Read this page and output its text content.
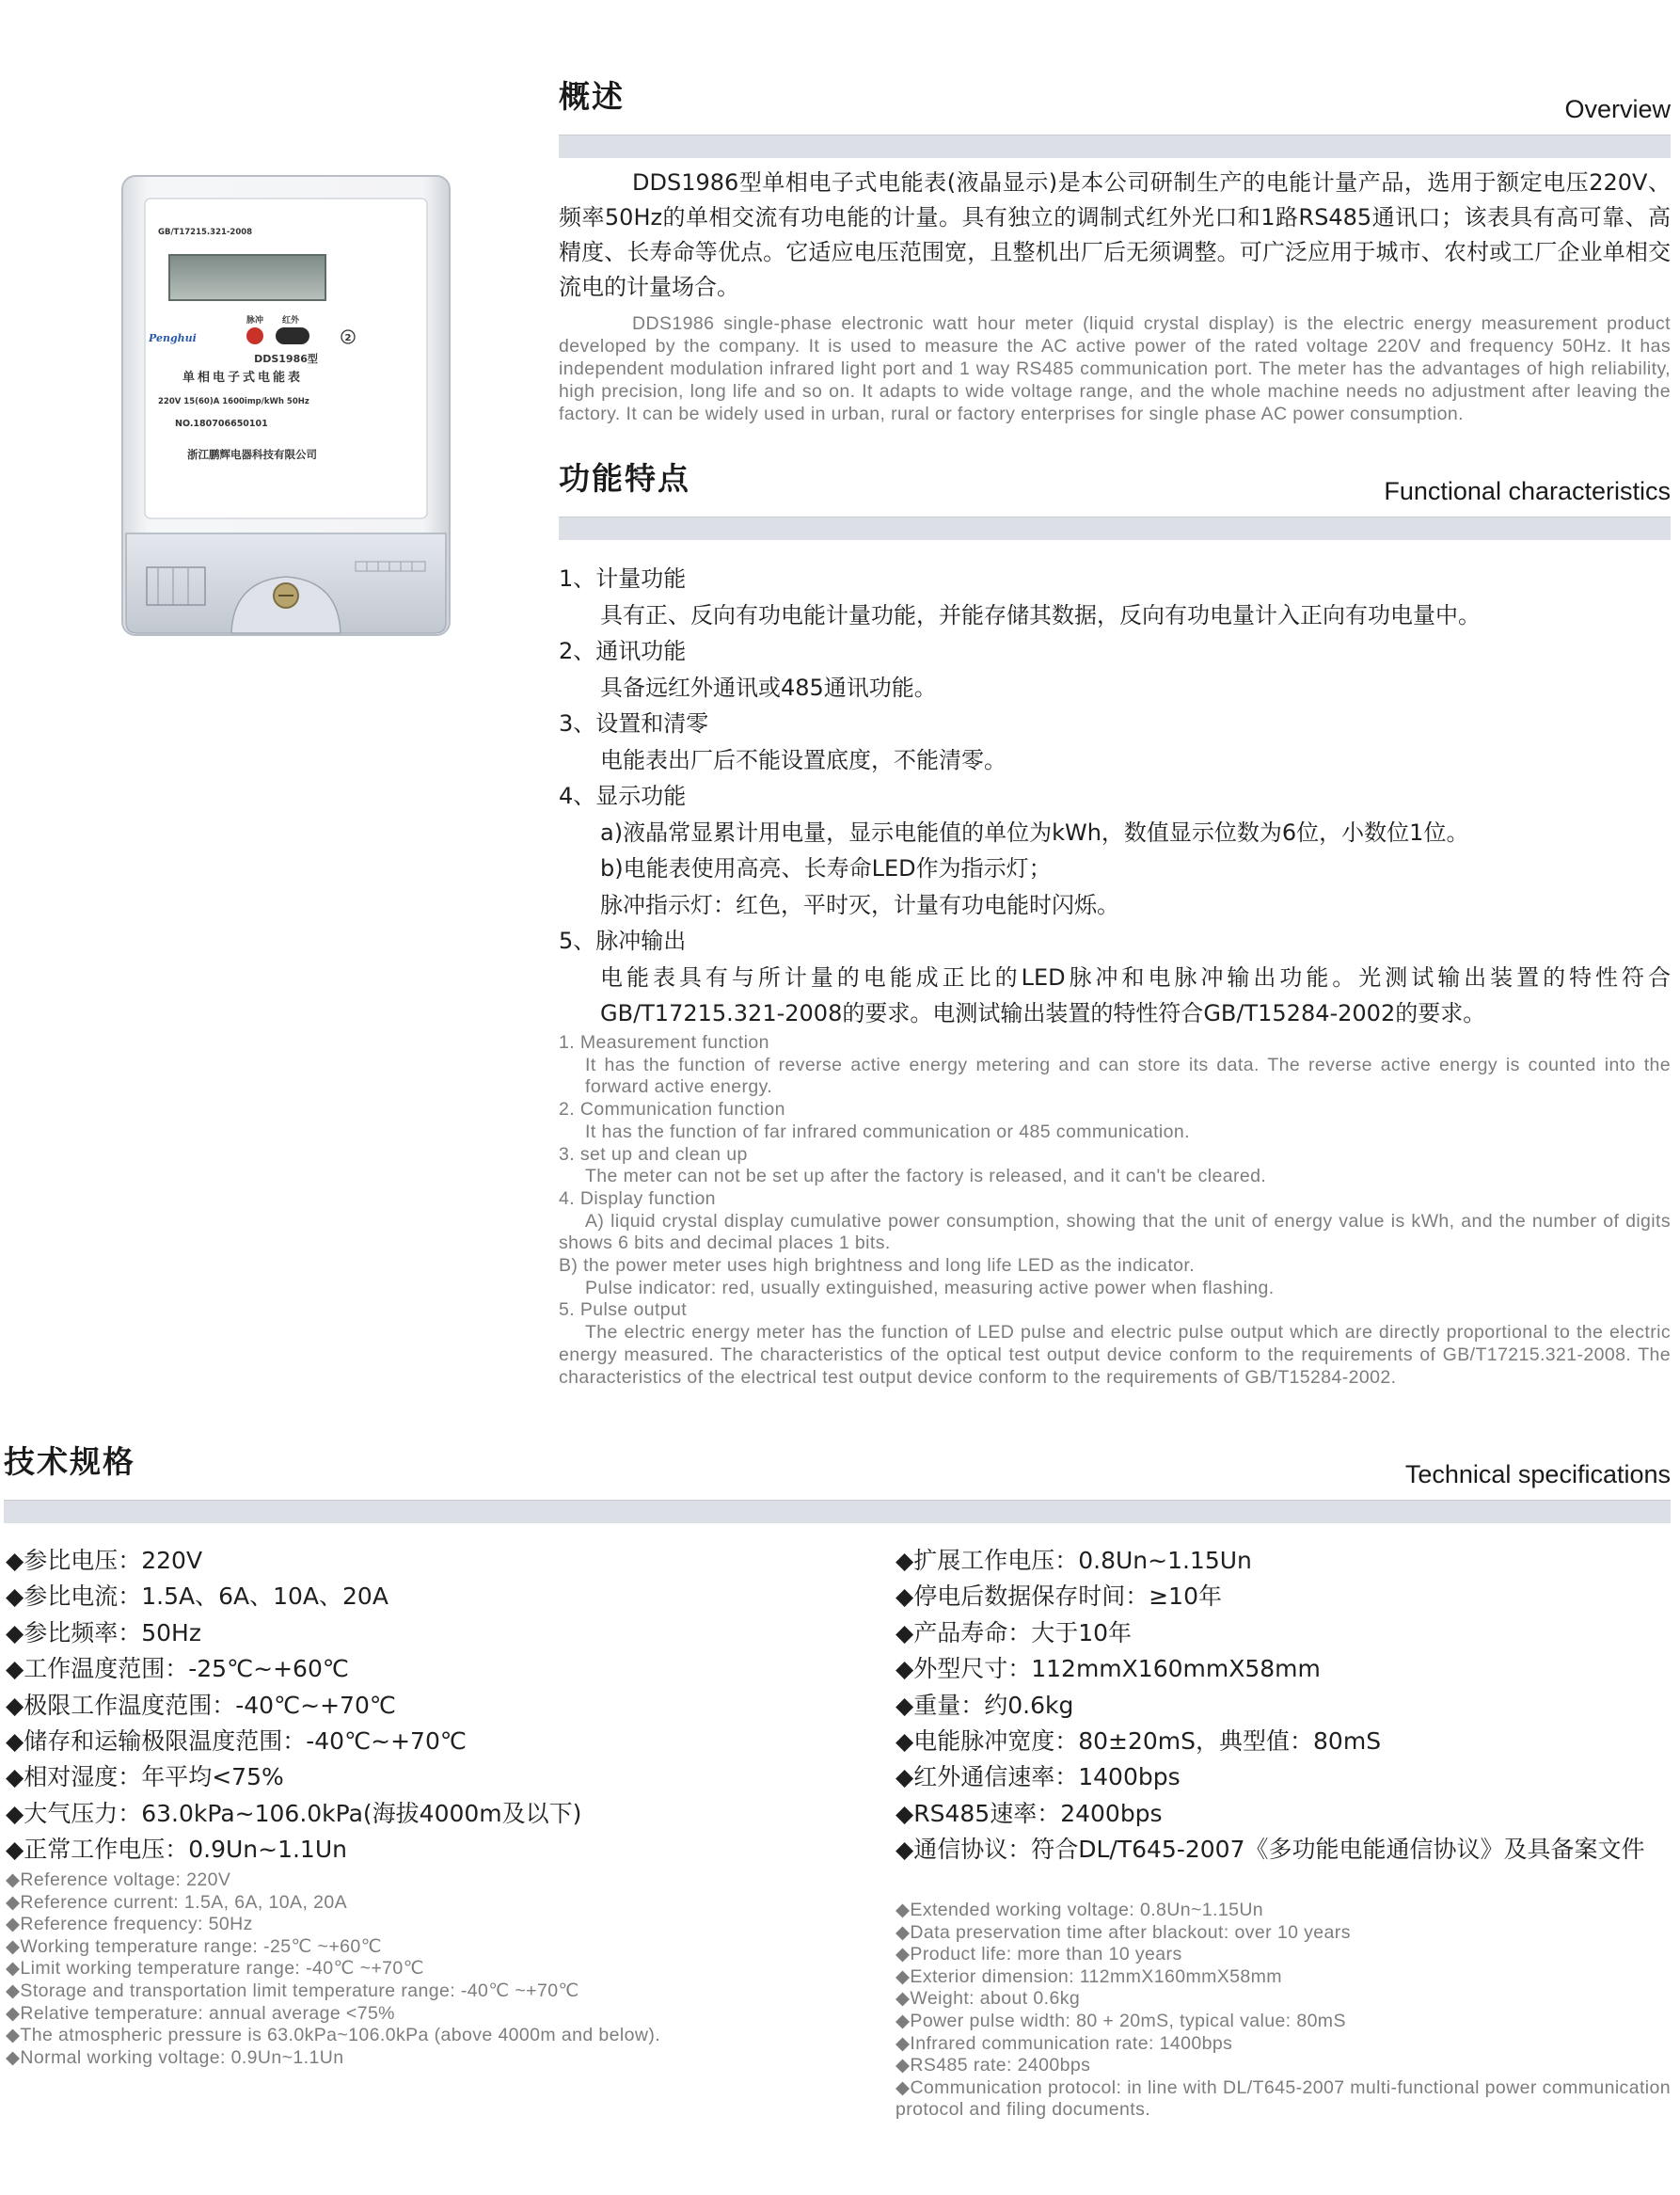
GB/T17215.321-2008
脉冲 红外
Penghui	2
DDS1986型
单相电子式电能表
220V 15(60)A 1600imp/kWh 50Hz
NO.180706650101
浙江鹏辉电器科技有限公司
概述	Overview
DDS1986型单相电子式电能表(液晶显示)是本公司研制生产的电能计量产品，选用于额定电压220V、频率50Hz的单相交流有功电能的计量。具有独立的调制式红外光口和1路RS485通讯口；该表具有高可靠、高精度、长寿命等优点。它适应电压范围宽，且整机出厂后无须调整。可广泛应用于城市、农村或工厂企业单相交流电的计量场合。
DDS1986 single-phase electronic watt hour meter (liquid crystal display) is the electric energy measurement product developed by the company. It is used to measure the AC active power of the rated voltage 220V and frequency 50Hz. It has independent modulation infrared light port and 1 way RS485 communication port. The meter has the advantages of high reliability, high precision, long life and so on. It adapts to wide voltage range, and the whole machine needs no adjustment after leaving the factory. It can be widely used in urban, rural or factory enterprises for single phase AC power consumption.
功能特点	Functional characteristics
1、计量功能
具有正、反向有功电能计量功能，并能存储其数据，反向有功电量计入正向有功电量中。
2、通讯功能
具备远红外通讯或485通讯功能。
3、设置和清零
电能表出厂后不能设置底度，不能清零。
4、显示功能
a)液晶常显累计用电量，显示电能值的单位为kWh，数值显示位数为6位，小数位1位。
b)电能表使用高亮、长寿命LED作为指示灯；
脉冲指示灯：红色，平时灭，计量有功电能时闪烁。
5、脉冲输出
电能表具有与所计量的电能成正比的LED脉冲和电脉冲输出功能。光测试输出装置的特性符合GB/T17215.321-2008的要求。电测试输出装置的特性符合GB/T15284-2002的要求。
1. Measurement function
It has the function of reverse active energy metering and can store its data. The reverse active energy is counted into the forward active energy.
2. Communication function
It has the function of far infrared communication or 485 communication.
3. set up and clean up
The meter can not be set up after the factory is released, and it can't be cleared.
4. Display function
A) liquid crystal display cumulative power consumption, showing that the unit of energy value is kWh, and the number of digits shows 6 bits and decimal places 1 bits.
B) the power meter uses high brightness and long life LED as the indicator.
Pulse indicator: red, usually extinguished, measuring active power when flashing.
5. Pulse output
The electric energy meter has the function of LED pulse and electric pulse output which are directly proportional to the electric energy measured. The characteristics of the optical test output device conform to the requirements of GB/T17215.321-2008. The characteristics of the electrical test output device conform to the requirements of GB/T15284-2002.
技术规格	Technical specifications
◆参比电压：220V
◆参比电流：1.5A、6A、10A、20A
◆参比频率：50Hz
◆工作温度范围：-25℃~+60℃
◆极限工作温度范围：-40℃~+70℃
◆储存和运输极限温度范围：-40℃~+70℃
◆相对湿度：年平均<75%
◆大气压力：63.0kPa~106.0kPa(海拔4000m及以下)
◆正常工作电压：0.9Un~1.1Un
◆Reference voltage: 220V
◆Reference current: 1.5A, 6A, 10A, 20A
◆Reference frequency: 50Hz
◆Working temperature range: -25℃ ~+60℃
◆Limit working temperature range: -40℃ ~+70℃
◆Storage and transportation limit temperature range: -40℃ ~+70℃
◆Relative temperature: annual average <75%
◆The atmospheric pressure is 63.0kPa~106.0kPa (above 4000m and below).
◆Normal working voltage: 0.9Un~1.1Un
◆扩展工作电压：0.8Un~1.15Un
◆停电后数据保存时间：≥10年
◆产品寿命：大于10年
◆外型尺寸：112mmX160mmX58mm
◆重量：约0.6kg
◆电能脉冲宽度：80±20mS，典型值：80mS
◆红外通信速率：1400bps
◆RS485速率：2400bps
◆通信协议：符合DL/T645-2007《多功能电能通信协议》及具备案文件
◆Extended working voltage: 0.8Un~1.15Un
◆Data preservation time after blackout: over 10 years
◆Product life: more than 10 years
◆Exterior dimension: 112mmX160mmX58mm
◆Weight: about 0.6kg
◆Power pulse width: 80 + 20mS, typical value: 80mS
◆Infrared communication rate: 1400bps
◆RS485 rate: 2400bps
◆Communication protocol: in line with DL/T645-2007 multi-functional power communication protocol and filing documents.
